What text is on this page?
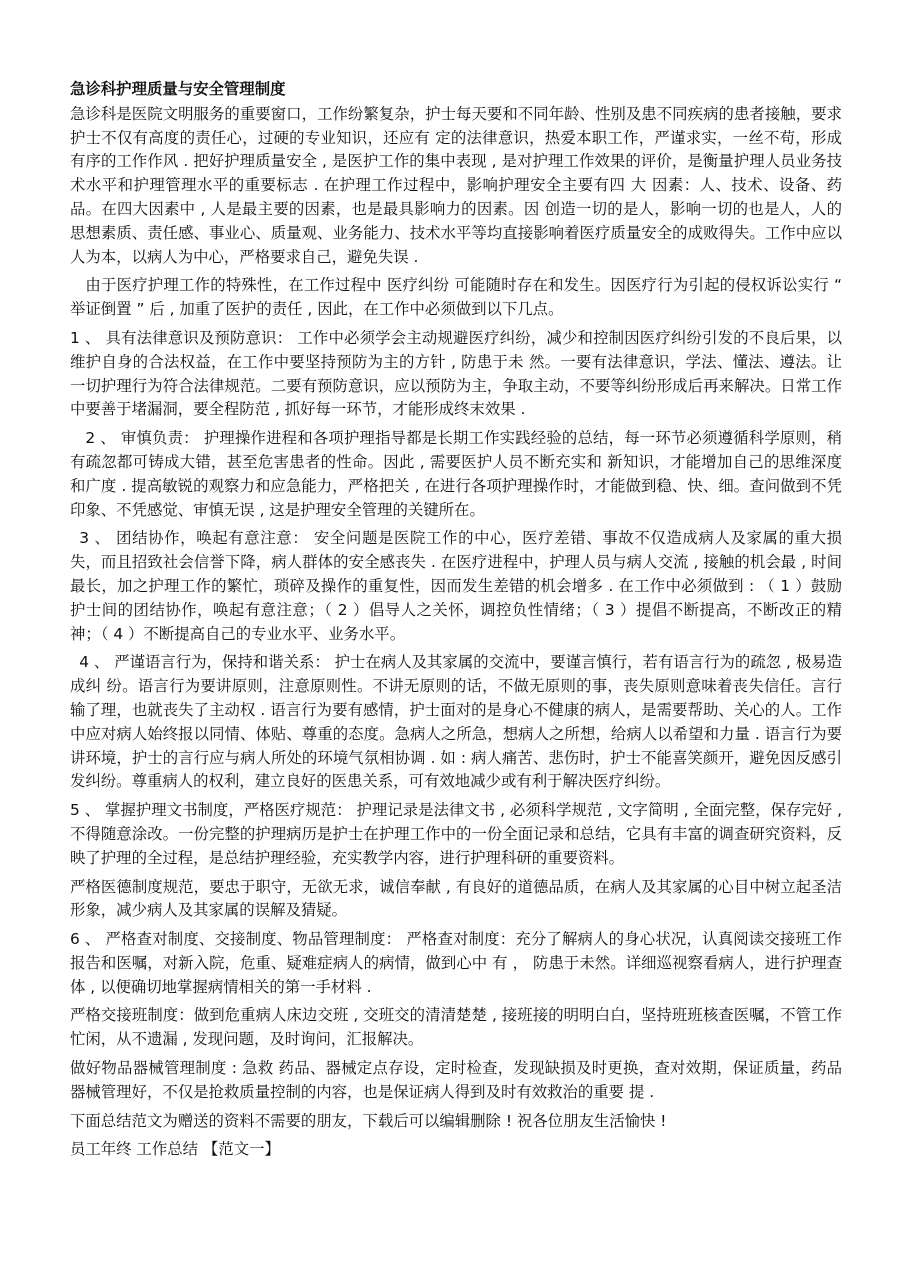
急诊科护理质量与安全管理制度
急诊科是医院文明服务的重要窗口，工作纷繁复杂，护士每天要和不同年龄、性别及患不同疾病的患者接触，要求护士不仅有高度的责任心，过硬的专业知识，还应有 定的法律意识，热爱本职工作，严谨求实，一丝不苟，形成有序的工作作风 . 把好护理质量安全 , 是医护工作的集中表现 , 是对护理工作效果的评价，是衡量护理人员业务技术水平和护理管理水平的重要标志 . 在护理工作过程中，影响护理安全主要有四 大 因素：人、技术、设备、药品。在四大因素中 , 人是最主要的因素，也是最具影响力的因素。因 创造一切的是人，影响一切的也是人，人的思想素质、责任感、事业心、质量观、业务能力、技术水平等均直接影响着医疗质量安全的成败得失。工作中应以人为本，以病人为中心，严格要求自己，避免失误 .
由于医疗护理工作的特殊性，在工作过程中 医疗纠纷 可能随时存在和发生。因医疗行为引起的侵权诉讼实行 “ 举证倒置 ” 后 , 加重了医护的责任 , 因此，在工作中必须做到以下几点。
1 、 具有法律意识及预防意识： 工作中必须学会主动规避医疗纠纷，减少和控制因医疗纠纷引发的不良后果，以维护自身的合法权益，在工作中要坚持预防为主的方针 , 防患于未 然。一要有法律意识，学法、懂法、遵法。让一切护理行为符合法律规范。二要有预防意识，应以预防为主，争取主动，不要等纠纷形成后再来解决。日常工作中要善于堵漏洞，要全程防范 , 抓好每一环节，才能形成终末效果 .
2 、 审慎负责： 护理操作进程和各项护理指导都是长期工作实践经验的总结，每一环节必须遵循科学原则，稍有疏忽都可铸成大错，甚至危害患者的性命。因此 , 需要医护人员不断充实和 新知识，才能增加自己的思维深度和广度 . 提高敏锐的观察力和应急能力，严格把关 , 在进行各项护理操作时，才能做到稳、快、细。查问做到不凭印象、不凭感觉、审慎无误 , 这是护理安全管理的关键所在。
3 、 团结协作，唤起有意注意： 安全问题是医院工作的中心，医疗差错、事故不仅造成病人及家属的重大损失，而且招致社会信誉下降，病人群体的安全感丧失 . 在医疗进程中，护理人员与病人交流 , 接触的机会最 , 时间最长，加之护理工作的繁忙，琐碎及操作的重复性，因而发生差错的机会增多 . 在工作中必须做到 : （ 1 ）鼓励护士间的团结协作，唤起有意注意；（ 2 ）倡导人之关怀，调控负性情绪；（ 3 ）提倡不断提高，不断改正的精神；（ 4 ）不断提高自己的专业水平、业务水平。
4 、 严谨语言行为，保持和谐关系： 护士在病人及其家属的交流中，要谨言慎行，若有语言行为的疏忽 , 极易造成纠 纷。语言行为要讲原则，注意原则性。不讲无原则的话，不做无原则的事，丧失原则意味着丧失信任。言行输了理，也就丧失了主动权 . 语言行为要有感情，护士面对的是身心不健康的病人，是需要帮助、关心的人。工作中应对病人始终报以同情、体贴、尊重的态度。急病人之所急，想病人之所想，给病人以希望和力量 . 语言行为要讲环境，护士的言行应与病人所处的环境气氛相协调 . 如 : 病人痛苦、悲伤时，护士不能喜笑颜开，避免因反感引发纠纷。尊重病人的权利，建立良好的医患关系，可有效地减少或有利于解决医疗纠纷。
5 、 掌握护理文书制度，严格医疗规范： 护理记录是法律文书 , 必须科学规范 , 文字简明 , 全面完整，保存完好 , 不得随意涂改。一份完整的护理病历是护士在护理工作中的一份全面记录和总结，它具有丰富的调查研究资料，反映了护理的全过程，是总结护理经验，充实教学内容，进行护理科研的重要资料。
严格医德制度规范，要忠于职守，无欲无求，诚信奉献 , 有良好的道德品质，在病人及其家属的心目中树立起圣洁形象，减少病人及其家属的误解及猜疑。
6 、 严格查对制度、交接制度、物品管理制度： 严格查对制度：充分了解病人的身心状况，认真阅读交接班工作报告和医嘱，对新入院，危重、疑难症病人的病情，做到心中 有 ， 防患于未然。详细巡视察看病人，进行护理查体 , 以便确切地掌握病情相关的第一手材料 .
严格交接班制度：做到危重病人床边交班 , 交班交的清清楚楚 , 接班接的明明白白，坚持班班核查医嘱，不管工作忙闲，从不遗漏 , 发现问题，及时询问，汇报解决。
做好物品器械管理制度 : 急救 药品、器械定点存设，定时检查，发现缺损及时更换，查对效期，保证质量，药品器械管理好，不仅是抢救质量控制的内容，也是保证病人得到及时有效救治的重要 提 .
下面总结范文为赠送的资料不需要的朋友，下载后可以编辑删除 ! 祝各位朋友生活愉快 !
员工年终 工作总结 【范文一】
